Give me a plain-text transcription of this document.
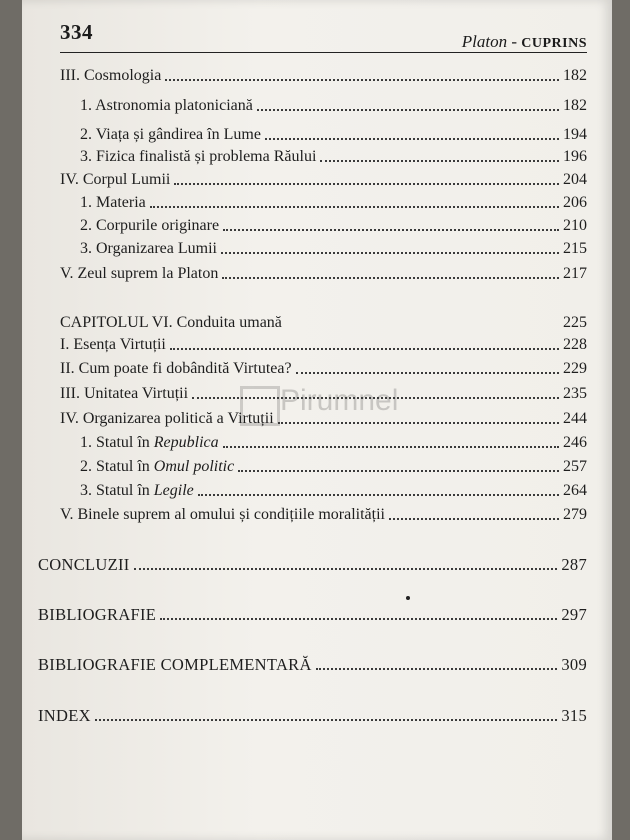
334	Platon - CUPRINS
III. Cosmologia	182
1. Astronomia platoniciană	182
2. Viața și gândirea în Lume	194
3. Fizica finalistă și problema Răului	196
IV. Corpul Lumii	204
1. Materia	206
2. Corpurile originare	210
3. Organizarea Lumii	215
V. Zeul suprem la Platon	217
CAPITOLUL VI. Conduita umană	225
I. Esența Virtuții	228
II. Cum poate fi dobândită Virtutea?	229
III. Unitatea Virtuții	235
IV. Organizarea politică a Virtuții	244
1. Statul în Republica	246
2. Statul în Omul politic	257
3. Statul în Legile	264
V. Binele suprem al omului și condițiile moralității	279
CONCLUZII	287
BIBLIOGRAFIE	297
BIBLIOGRAFIE COMPLEMENTARĂ	309
INDEX	315
Pirumnel
